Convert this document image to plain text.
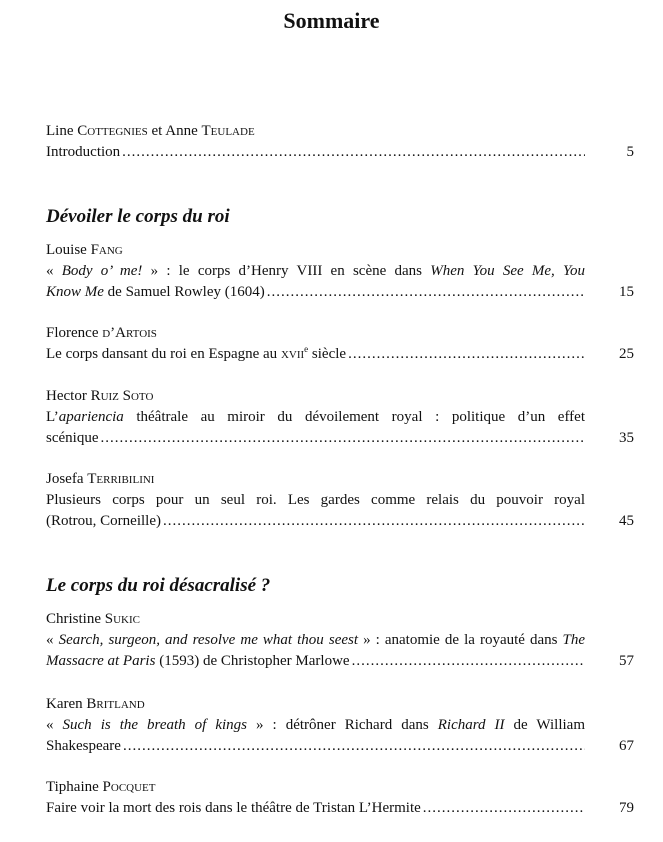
Sommaire
Line Cottegnies et Anne Teulade
Introduction .....	5
Dévoiler le corps du roi
Louise Fang
« Body o’ me! » : le corps d’Henry VIII en scène dans When You See Me, You
Know Me de Samuel Rowley (1604) .....	15
Florence d’Artois
Le corps dansant du roi en Espagne au xvii$^e$ siècle .....	25
Hector Ruiz Soto
L’apariencia théâtrale au miroir du dévoilement royal : politique d’un effet
scénique .....	35
Josefa Terribilini
Plusieurs corps pour un seul roi. Les gardes comme relais du pouvoir royal
(Rotrou, Corneille) .....	45
Le corps du roi désacralisé ?
Christine Sukic
« Search, surgeon, and resolve me what thou seest » : anatomie de la royauté dans The
Massacre at Paris (1593) de Christopher Marlowe .....	57
Karen Britland
« Such is the breath of kings » : détrôner Richard dans Richard II de William
Shakespeare .....	67
Tiphaine Pocquet
Faire voir la mort des rois dans le théâtre de Tristan L’Hermite .....	79
